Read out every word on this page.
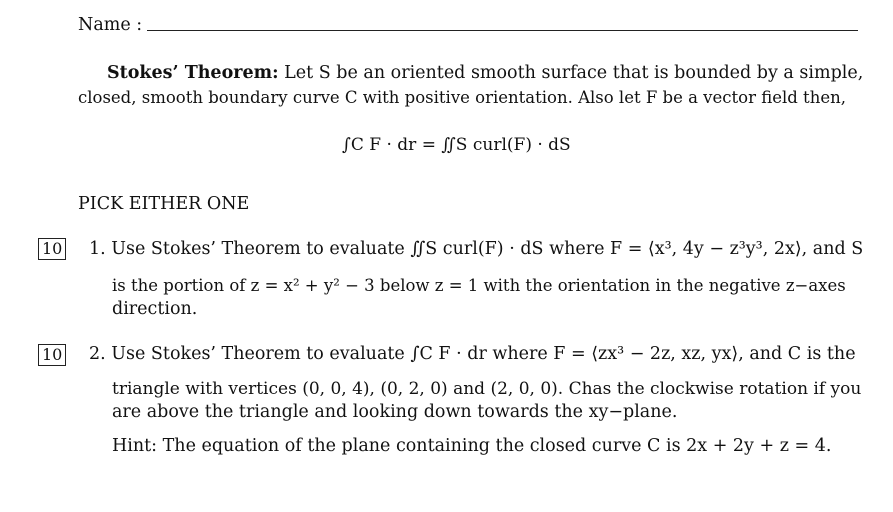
Name :
Stokes’ Theorem: Let S be an oriented smooth surface that is bounded by a simple,
closed, smooth boundary curve C with positive orientation. Also let F be a vector field then,
∫C F · dr = ∬S curl(F) · dS
PICK EITHER ONE
10 1. Use Stokes’ Theorem to evaluate ∬S curl(F) · dS where F = ⟨x³, 4y − z³y³, 2x⟩, and S
is the portion of z = x² + y² − 3 below z = 1 with the orientation in the negative z−axes
direction.
10 2. Use Stokes’ Theorem to evaluate ∫C F · dr where F = ⟨zx³ − 2z, xz, yx⟩, and C is the
triangle with vertices (0, 0, 4), (0, 2, 0) and (2, 0, 0). Chas the clockwise rotation if you
are above the triangle and looking down towards the xy−plane.
Hint: The equation of the plane containing the closed curve C is 2x + 2y + z = 4.
